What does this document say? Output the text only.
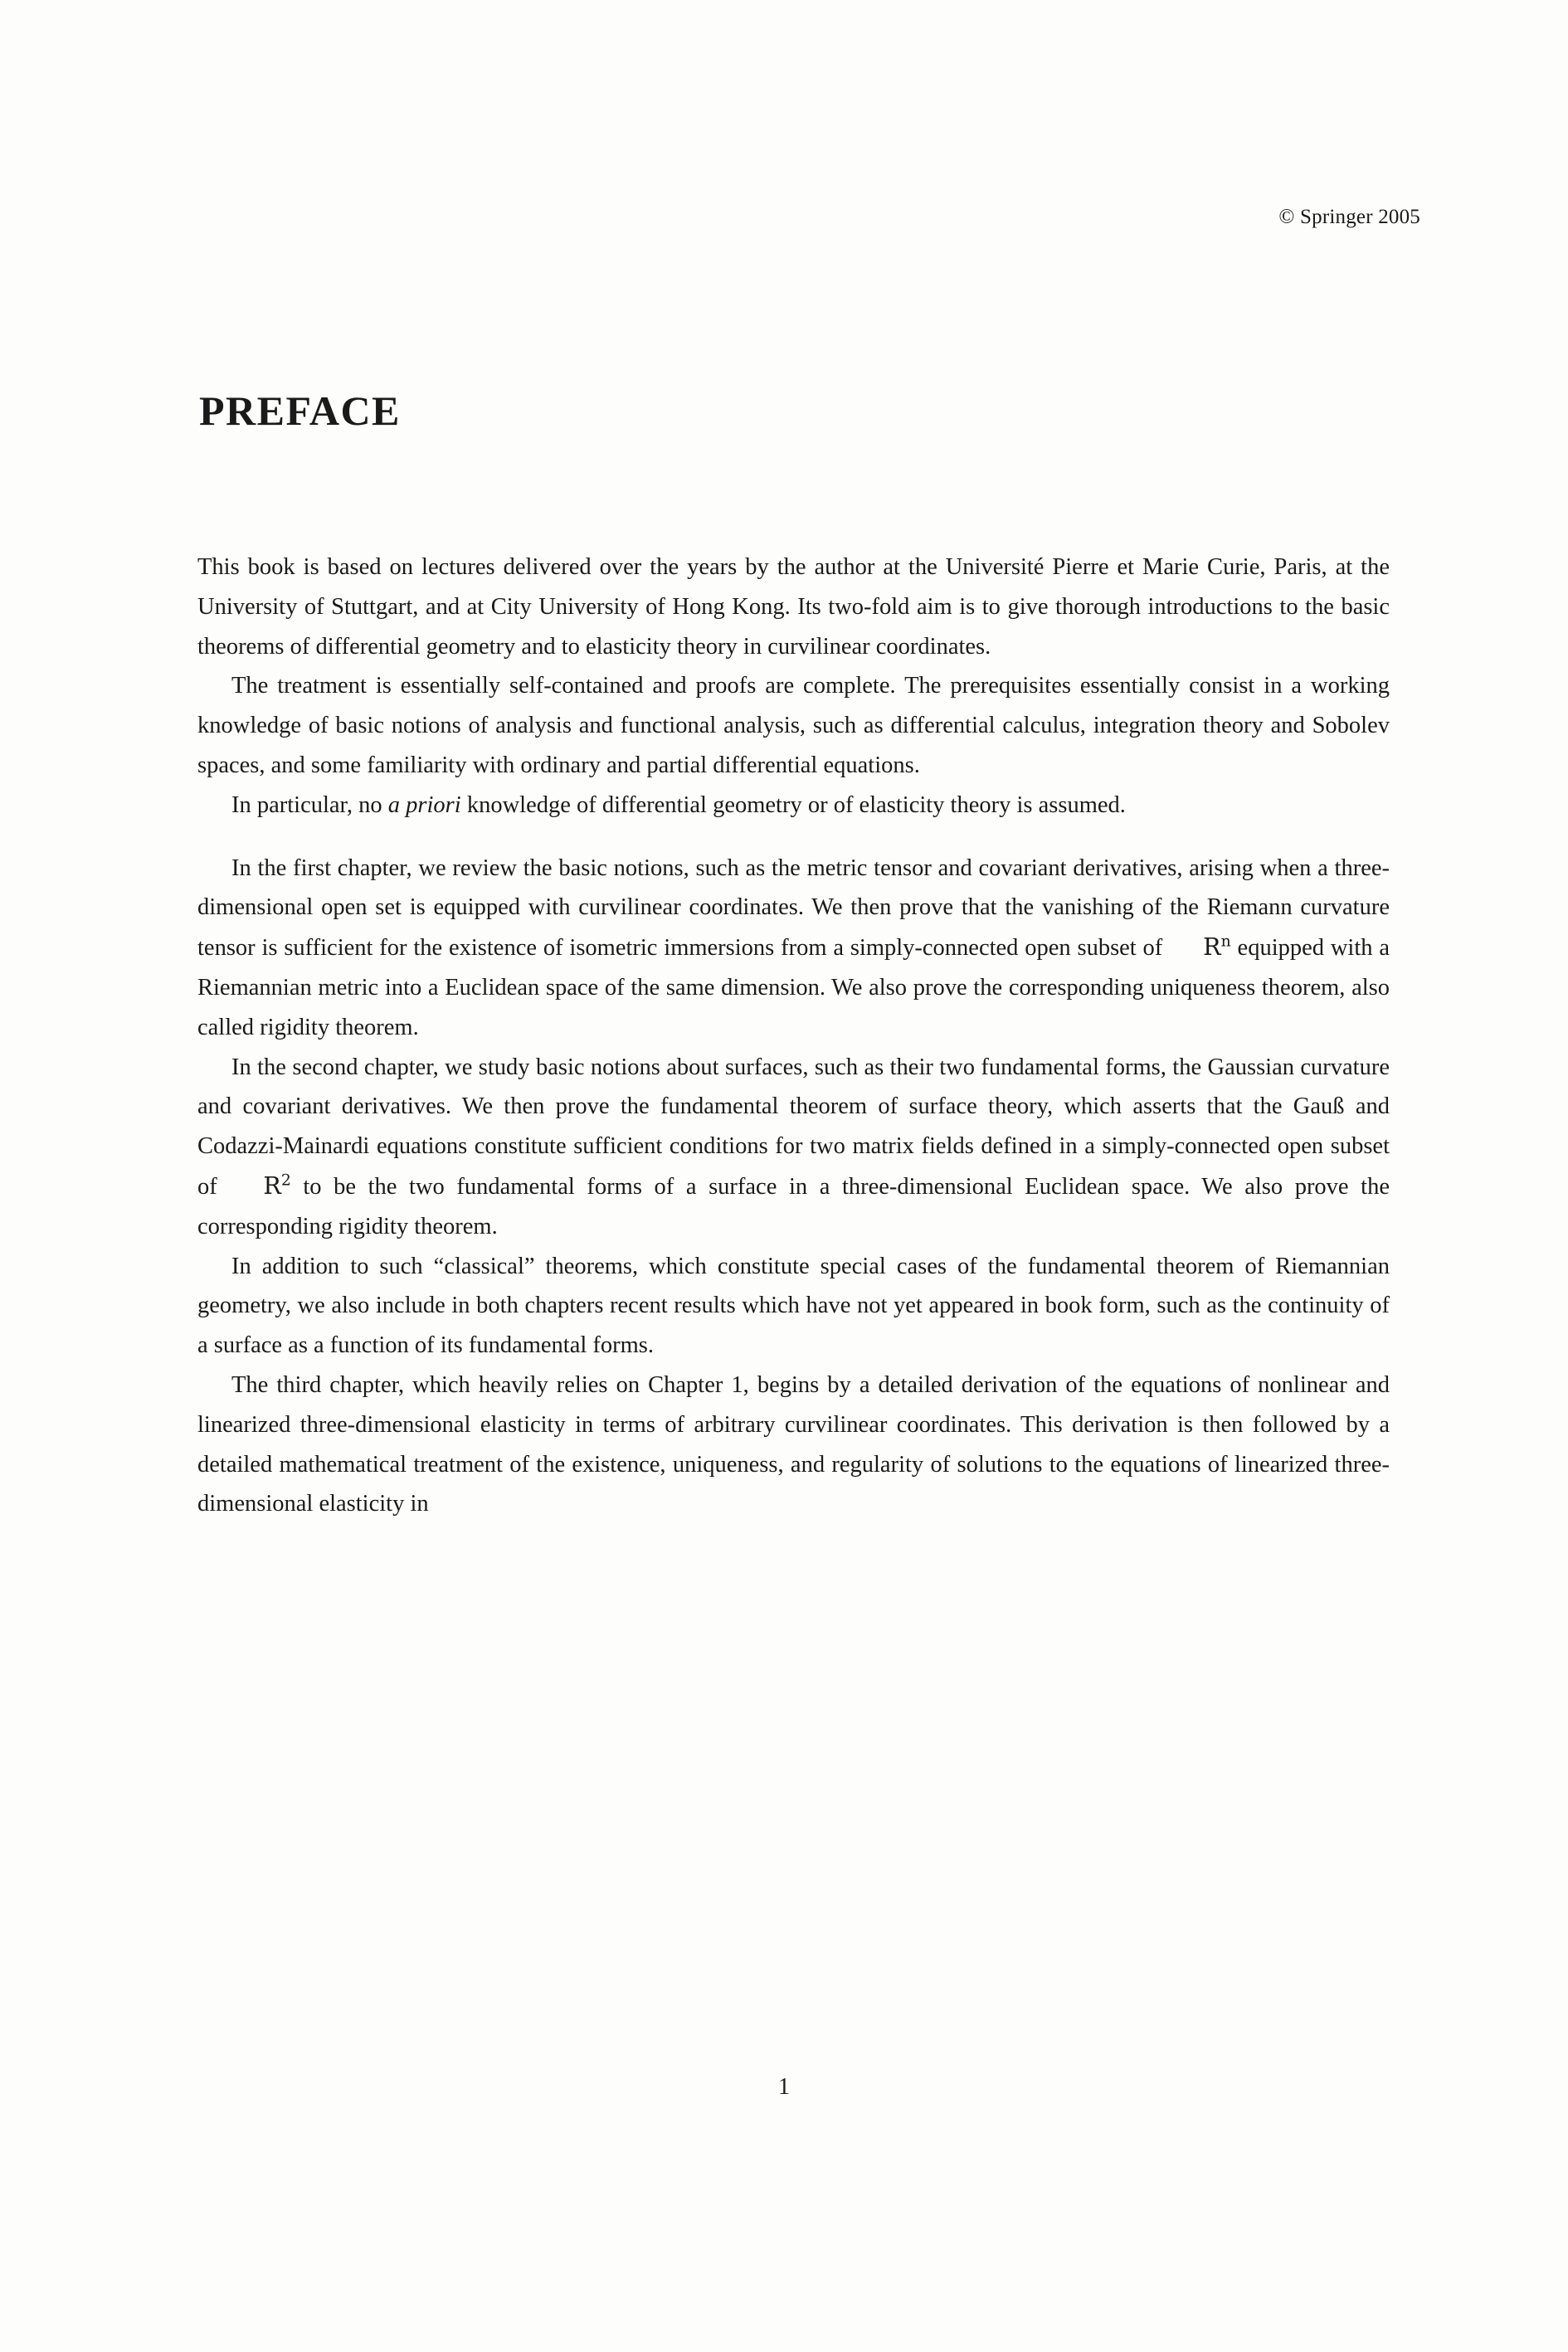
© Springer 2005
PREFACE

This book is based on lectures delivered over the years by the author at the Université Pierre et Marie Curie, Paris, at the University of Stuttgart, and at City University of Hong Kong. Its two-fold aim is to give thorough introductions to the basic theorems of differential geometry and to elasticity theory in curvilinear coordinates.

The treatment is essentially self-contained and proofs are complete. The prerequisites essentially consist in a working knowledge of basic notions of analysis and functional analysis, such as differential calculus, integration theory and Sobolev spaces, and some familiarity with ordinary and partial differential equations.

In particular, no a priori knowledge of differential geometry or of elasticity theory is assumed.

In the first chapter, we review the basic notions, such as the metric tensor and covariant derivatives, arising when a three-dimensional open set is equipped with curvilinear coordinates. We then prove that the vanishing of the Riemann curvature tensor is sufficient for the existence of isometric immersions from a simply-connected open subset of $R^n$ equipped with a Riemannian metric into a Euclidean space of the same dimension. We also prove the corresponding uniqueness theorem, also called rigidity theorem.

In the second chapter, we study basic notions about surfaces, such as their two fundamental forms, the Gaussian curvature and covariant derivatives. We then prove the fundamental theorem of surface theory, which asserts that the Gauß and Codazzi-Mainardi equations constitute sufficient conditions for two matrix fields defined in a simply-connected open subset of $R^2$ to be the two fundamental forms of a surface in a three-dimensional Euclidean space. We also prove the corresponding rigidity theorem.

In addition to such “classical” theorems, which constitute special cases of the fundamental theorem of Riemannian geometry, we also include in both chapters recent results which have not yet appeared in book form, such as the continuity of a surface as a function of its fundamental forms.

The third chapter, which heavily relies on Chapter 1, begins by a detailed derivation of the equations of nonlinear and linearized three-dimensional elasticity in terms of arbitrary curvilinear coordinates. This derivation is then followed by a detailed mathematical treatment of the existence, uniqueness, and regularity of solutions to the equations of linearized three-dimensional elasticity in

1
